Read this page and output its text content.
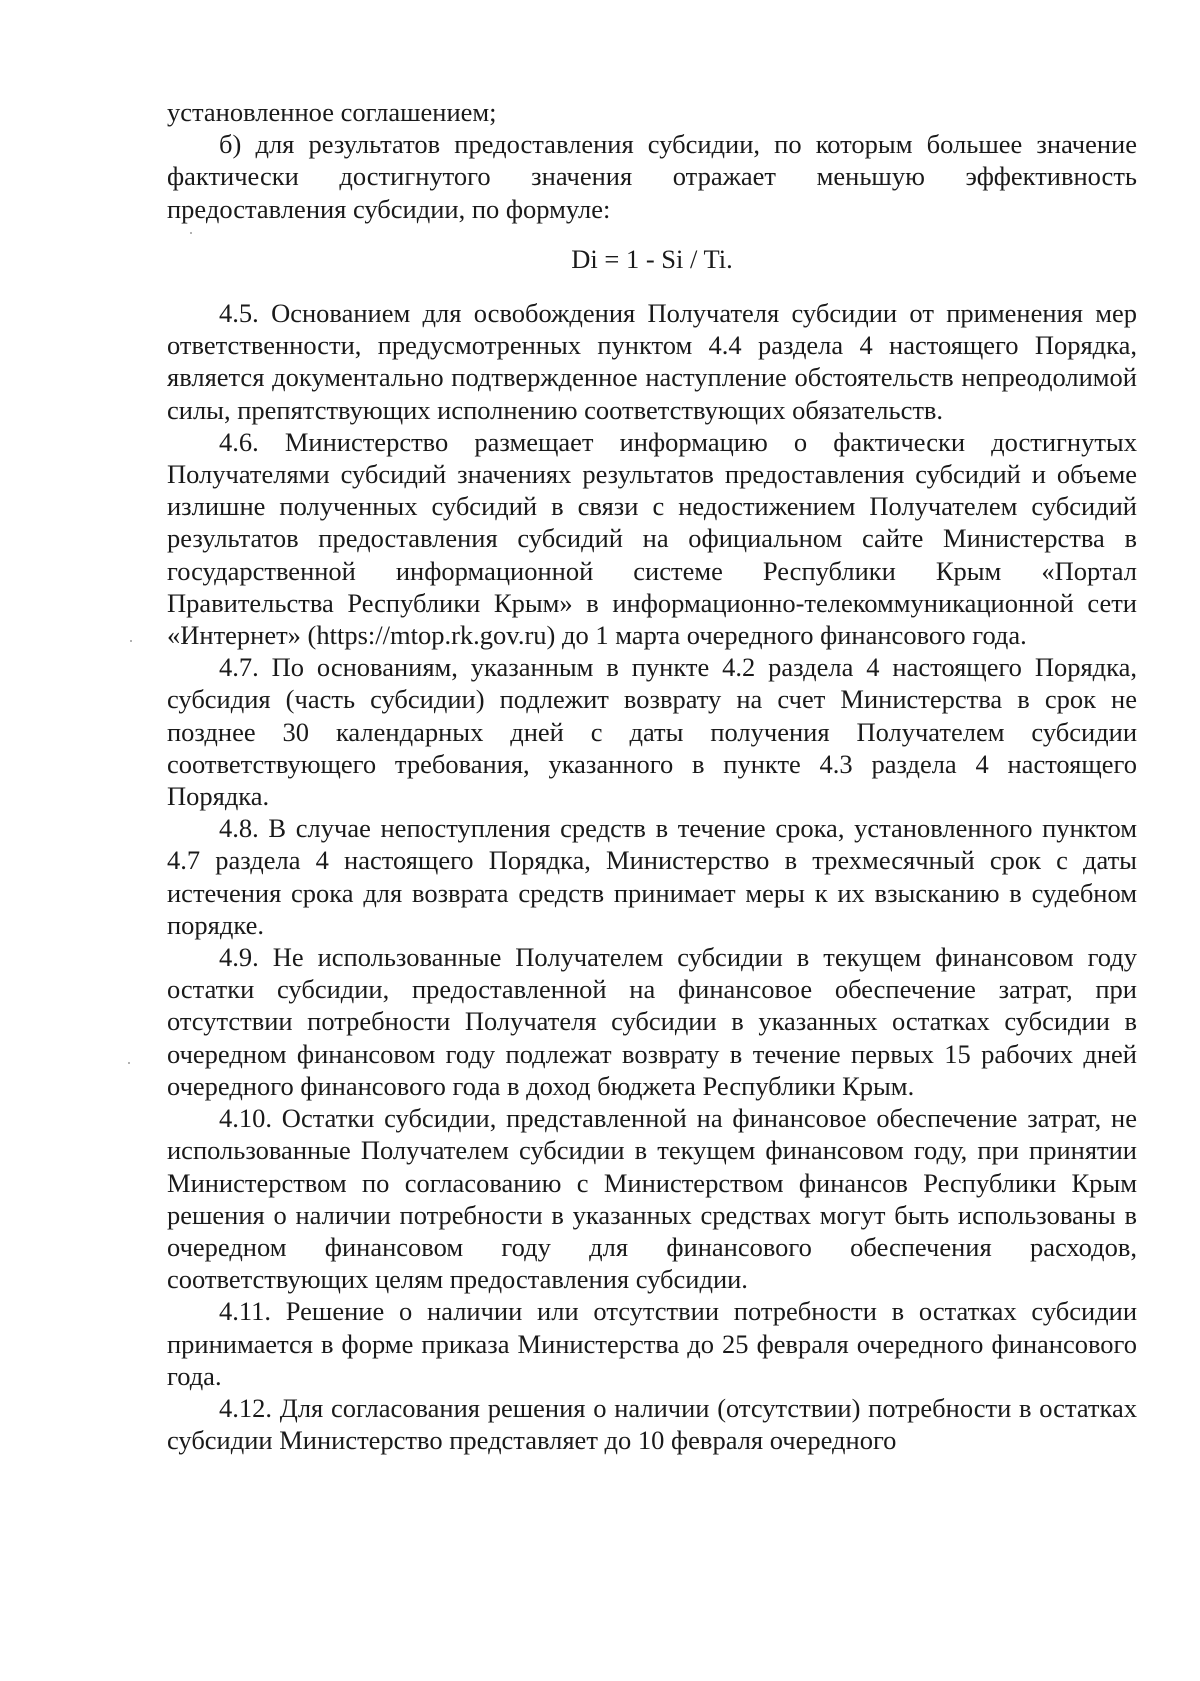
установленное соглашением;

б) для результатов предоставления субсидии, по которым большее значение фактически достигнутого значения отражает меньшую эффективность предоставления субсидии, по формуле:

Di = 1 - Si / Ti.

4.5. Основанием для освобождения Получателя субсидии от применения мер ответственности, предусмотренных пунктом 4.4 раздела 4 настоящего Порядка, является документально подтвержденное наступление обстоятельств непреодолимой силы, препятствующих исполнению соответствующих обязательств.

4.6. Министерство размещает информацию о фактически достигнутых Получателями субсидий значениях результатов предоставления субсидий и объеме излишне полученных субсидий в связи с недостижением Получателем субсидий результатов предоставления субсидий на официальном сайте Министерства в государственной информационной системе Республики Крым «Портал Правительства Республики Крым» в информационно-телекоммуникационной сети «Интернет» (https://mtop.rk.gov.ru) до 1 марта очередного финансового года.

4.7. По основаниям, указанным в пункте 4.2 раздела 4 настоящего Порядка, субсидия (часть субсидии) подлежит возврату на счет Министерства в срок не позднее 30 календарных дней с даты получения Получателем субсидии соответствующего требования, указанного в пункте 4.3 раздела 4 настоящего Порядка.

4.8. В случае непоступления средств в течение срока, установленного пунктом 4.7 раздела 4 настоящего Порядка, Министерство в трехмесячный срок с даты истечения срока для возврата средств принимает меры к их взысканию в судебном порядке.

4.9. Не использованные Получателем субсидии в текущем финансовом году остатки субсидии, предоставленной на финансовое обеспечение затрат, при отсутствии потребности Получателя субсидии в указанных остатках субсидии в очередном финансовом году подлежат возврату в течение первых 15 рабочих дней очередного финансового года в доход бюджета Республики Крым.

4.10. Остатки субсидии, представленной на финансовое обеспечение затрат, не использованные Получателем субсидии в текущем финансовом году, при принятии Министерством по согласованию с Министерством финансов Республики Крым решения о наличии потребности в указанных средствах могут быть использованы в очередном финансовом году для финансового обеспечения расходов, соответствующих целям предоставления субсидии.

4.11. Решение о наличии или отсутствии потребности в остатках субсидии принимается в форме приказа Министерства до 25 февраля очередного финансового года.

4.12. Для согласования решения о наличии (отсутствии) потребности в остатках субсидии Министерство представляет до 10 февраля очередного
